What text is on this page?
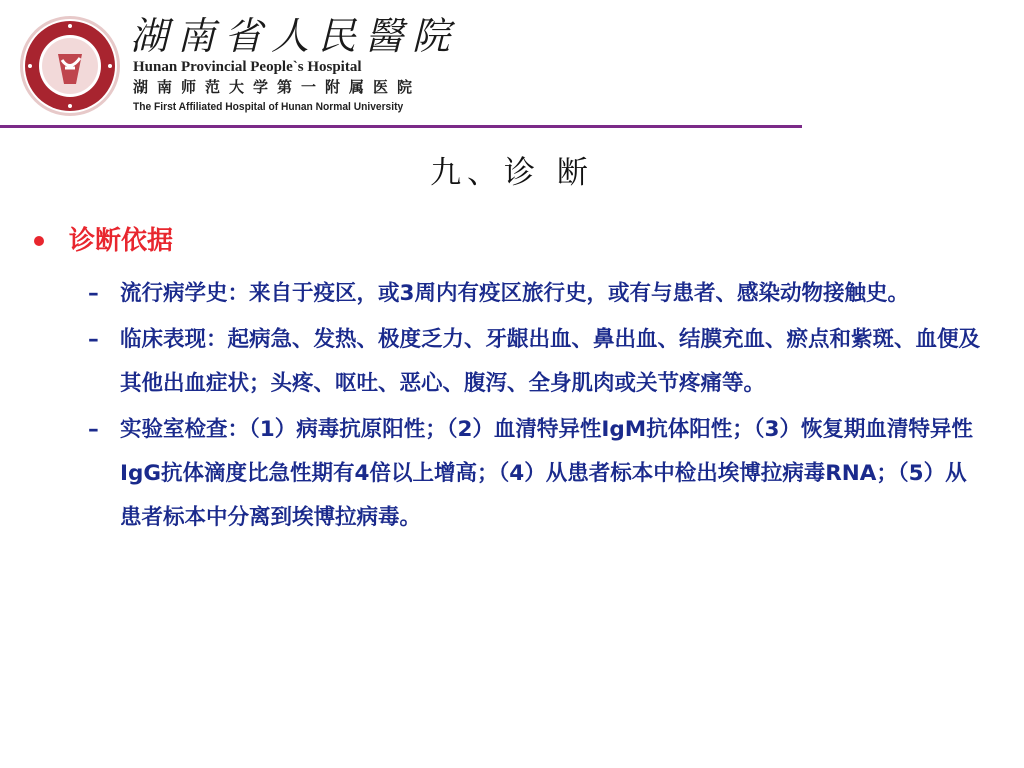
湖南省人民醫院
Hunan Provincial People`s Hospital
湖南师范大学第一附属医院
The First Affiliated Hospital of Hunan Normal University
九、诊 断
诊断依据
– 流行病学史：来自于疫区，或3周内有疫区旅行史，或有与患者、感染动物接触史。
– 临床表现：起病急、发热、极度乏力、牙龈出血、鼻出血、结膜充血、瘀点和紫斑、血便及其他出血症状；头疼、呕吐、恶心、腹泻、全身肌肉或关节疼痛等。
– 实验室检查：（1）病毒抗原阳性；（2）血清特异性IgM抗体阳性；（3）恢复期血清特异性IgG抗体滴度比急性期有4倍以上增高；（4）从患者标本中检出埃博拉病毒RNA；（5）从患者标本中分离到埃博拉病毒。
